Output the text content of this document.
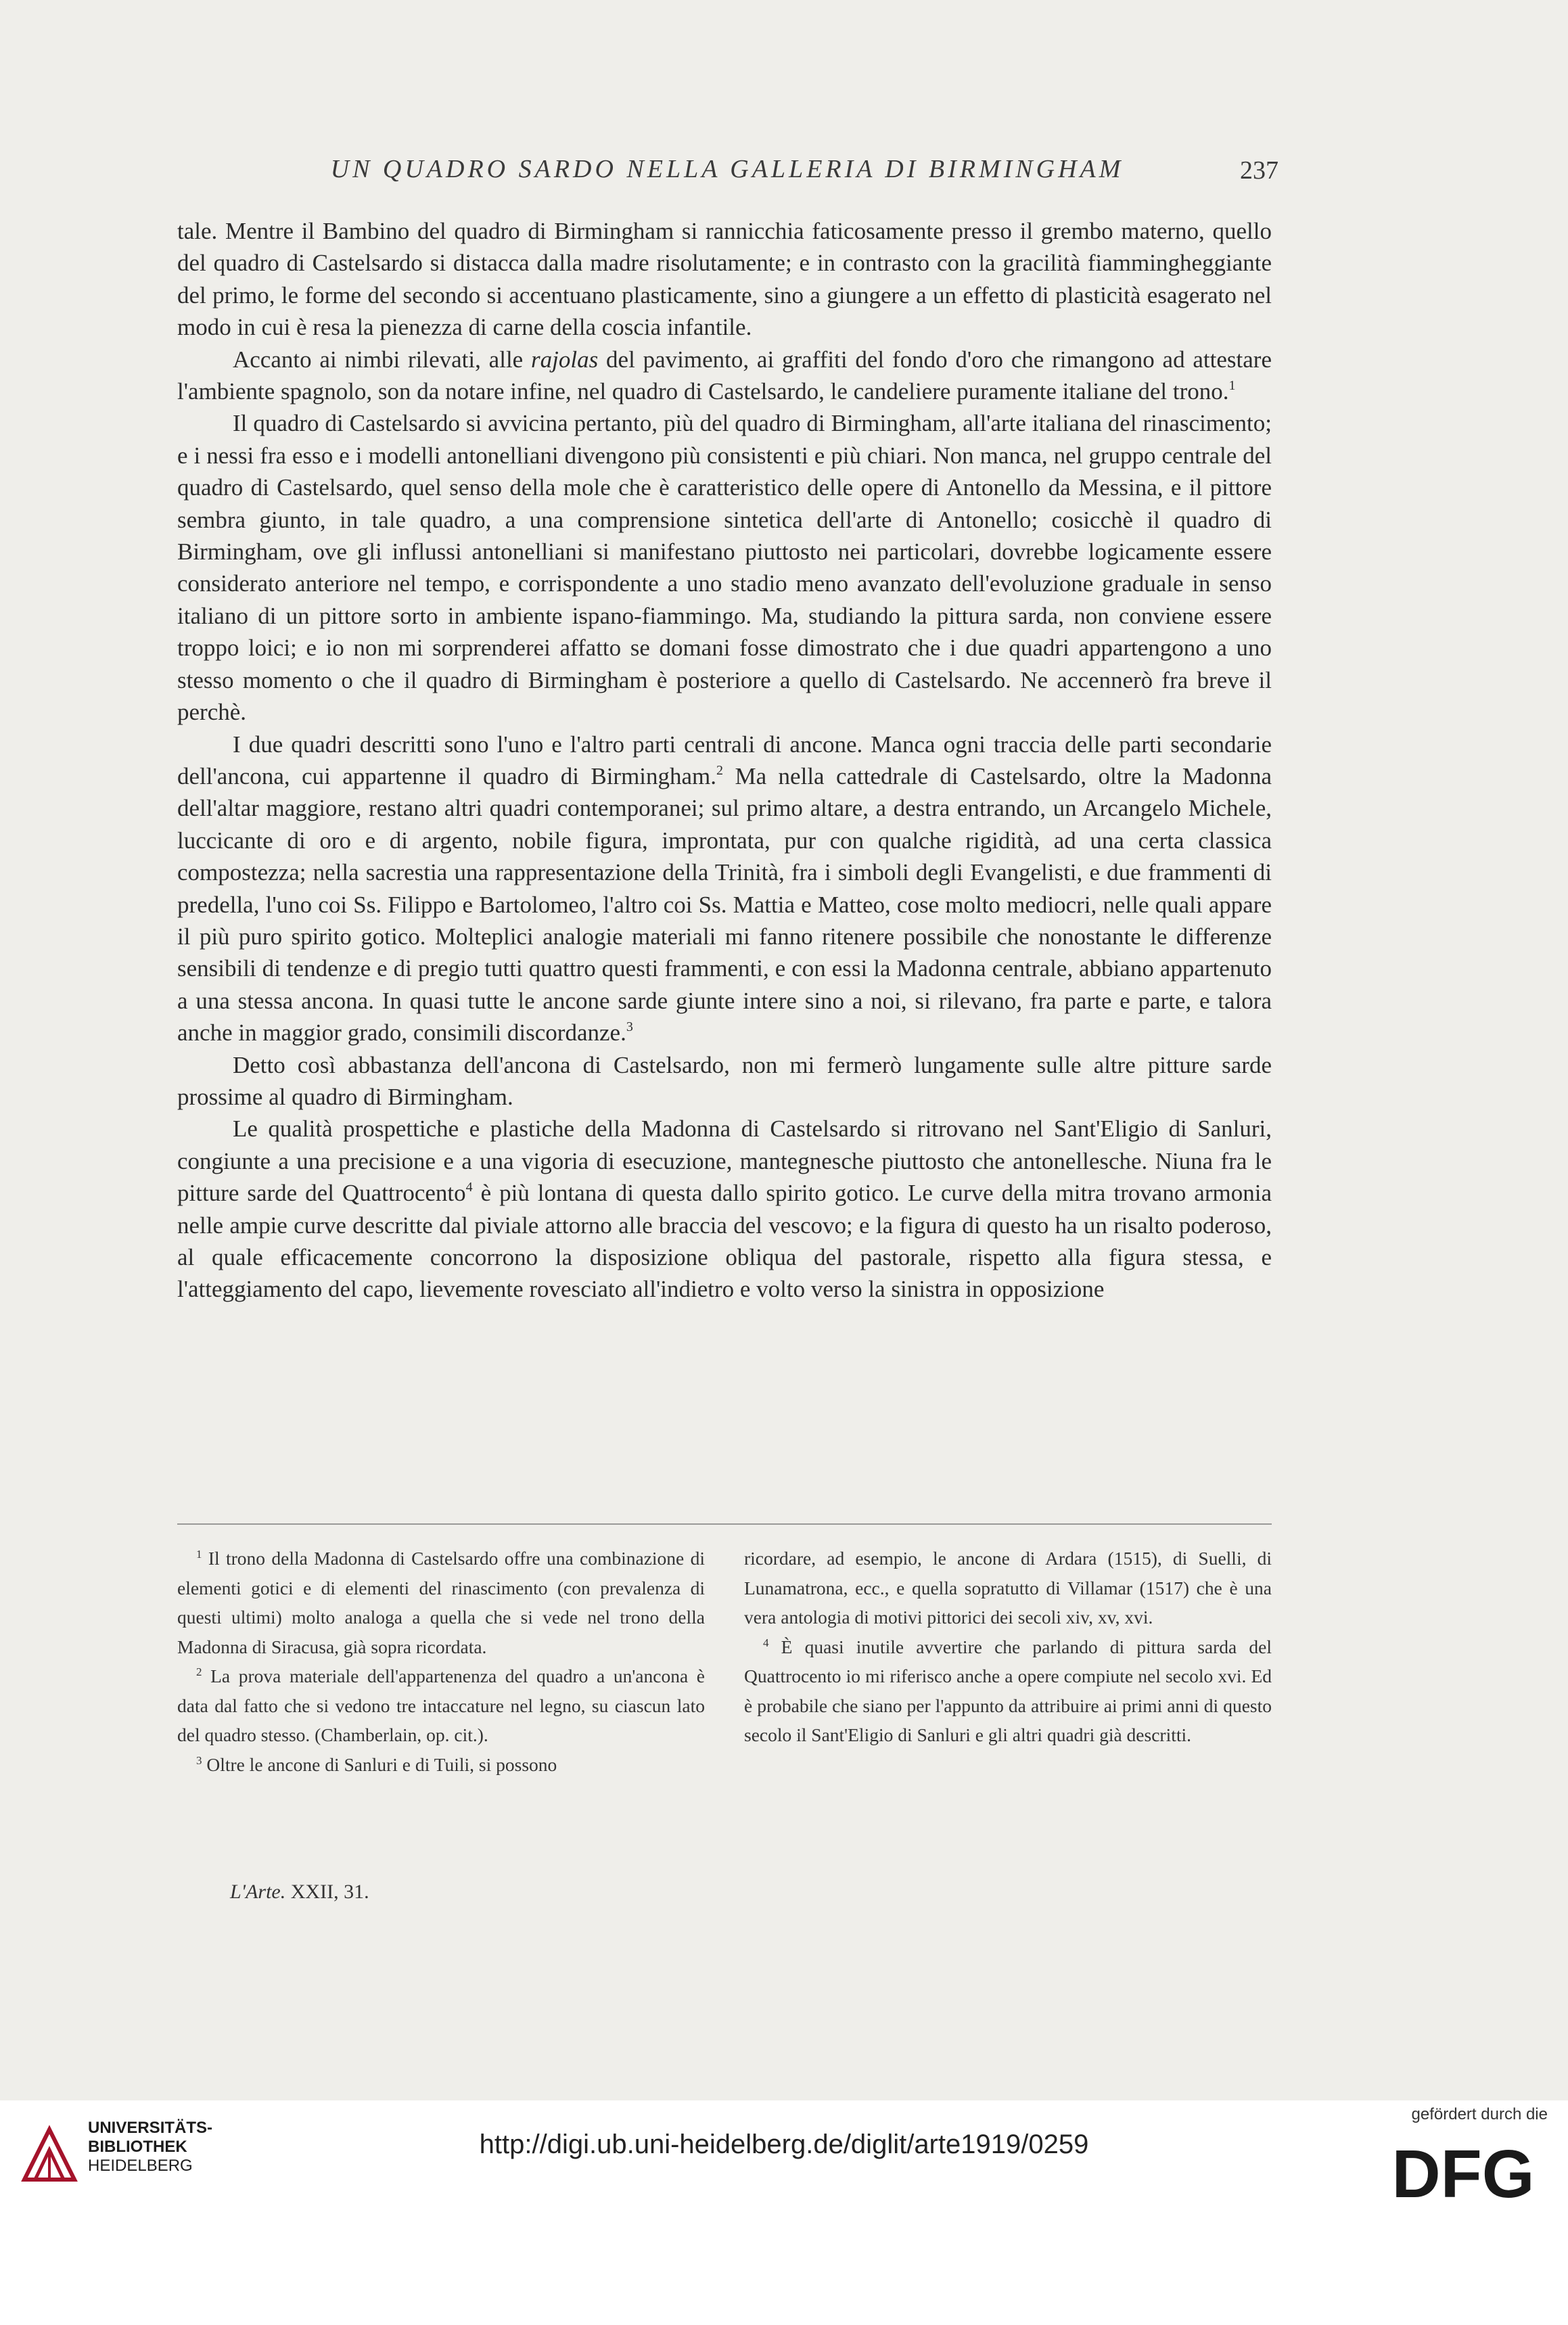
UN QUADRO SARDO NELLA GALLERIA DI BIRMINGHAM	237

tale. Mentre il Bambino del quadro di Birmingham si rannicchia faticosamente presso il grembo materno, quello del quadro di Castelsardo si distacca dalla madre risolutamente; e in contrasto con la gracilità fiammingheggiante del primo, le forme del secondo si accentuano plasticamente, sino a giungere a un effetto di plasticità esagerato nel modo in cui è resa la pienezza di carne della coscia infantile.

Accanto ai nimbi rilevati, alle rajolas del pavimento, ai graffiti del fondo d'oro che rimangono ad attestare l'ambiente spagnolo, son da notare infine, nel quadro di Castelsardo, le candeliere puramente italiane del trono.$^1$

Il quadro di Castelsardo si avvicina pertanto, più del quadro di Birmingham, all'arte italiana del rinascimento; e i nessi fra esso e i modelli antonelliani divengono più consistenti e più chiari. Non manca, nel gruppo centrale del quadro di Castelsardo, quel senso della mole che è caratteristico delle opere di Antonello da Messina, e il pittore sembra giunto, in tale quadro, a una comprensione sintetica dell'arte di Antonello; cosicchè il quadro di Birmingham, ove gli influssi antonelliani si manifestano piuttosto nei particolari, dovrebbe logicamente essere considerato anteriore nel tempo, e corrispondente a uno stadio meno avanzato dell'evoluzione graduale in senso italiano di un pittore sorto in ambiente ispano-fiammingo. Ma, studiando la pittura sarda, non conviene essere troppo loici; e io non mi sorprenderei affatto se domani fosse dimostrato che i due quadri appartengono a uno stesso momento o che il quadro di Birmingham è posteriore a quello di Castelsardo. Ne accennerò fra breve il perchè.

I due quadri descritti sono l'uno e l'altro parti centrali di ancone. Manca ogni traccia delle parti secondarie dell'ancona, cui appartenne il quadro di Birmingham.$^2$ Ma nella cattedrale di Castelsardo, oltre la Madonna dell'altar maggiore, restano altri quadri contemporanei; sul primo altare, a destra entrando, un Arcangelo Michele, luccicante di oro e di argento, nobile figura, improntata, pur con qualche rigidità, ad una certa classica compostezza; nella sacrestia una rappresentazione della Trinità, fra i simboli degli Evangelisti, e due frammenti di predella, l'uno coi Ss. Filippo e Bartolomeo, l'altro coi Ss. Mattia e Matteo, cose molto mediocri, nelle quali appare il più puro spirito gotico. Molteplici analogie materiali mi fanno ritenere possibile che nonostante le differenze sensibili di tendenze e di pregio tutti quattro questi frammenti, e con essi la Madonna centrale, abbiano appartenuto a una stessa ancona. In quasi tutte le ancone sarde giunte intere sino a noi, si rilevano, fra parte e parte, e talora anche in maggior grado, consimili discordanze.$^3$

Detto così abbastanza dell'ancona di Castelsardo, non mi fermerò lungamente sulle altre pitture sarde prossime al quadro di Birmingham.

Le qualità prospettiche e plastiche della Madonna di Castelsardo si ritrovano nel Sant'Eligio di Sanluri, congiunte a una precisione e a una vigoria di esecuzione, mantegnesche piuttosto che antonellesche. Niuna fra le pitture sarde del Quattrocento$^4$ è più lontana di questa dallo spirito gotico. Le curve della mitra trovano armonia nelle ampie curve descritte dal piviale attorno alle braccia del vescovo; e la figura di questo ha un risalto poderoso, al quale efficacemente concorrono la disposizione obliqua del pastorale, rispetto alla figura stessa, e l'atteggiamento del capo, lievemente rovesciato all'indietro e volto verso la sinistra in opposizione

$^1$ Il trono della Madonna di Castelsardo offre una combinazione di elementi gotici e di elementi del rinascimento (con prevalenza di questi ultimi) molto analoga a quella che si vede nel trono della Madonna di Siracusa, già sopra ricordata.

$^2$ La prova materiale dell'appartenenza del quadro a un'ancona è data dal fatto che si vedono tre intaccature nel legno, su ciascun lato del quadro stesso. (Chamberlain, op. cit.).

$^3$ Oltre le ancone di Sanluri e di Tuili, si possono

ricordare, ad esempio, le ancone di Ardara (1515), di Suelli, di Lunamatrona, ecc., e quella sopratutto di Villamar (1517) che è una vera antologia di motivi pittorici dei secoli xiv, xv, xvi.

$^4$ È quasi inutile avvertire che parlando di pittura sarda del Quattrocento io mi riferisco anche a opere compiute nel secolo xvi. Ed è probabile che siano per l'appunto da attribuire ai primi anni di questo secolo il Sant'Eligio di Sanluri e gli altri quadri già descritti.

L'Arte. XXII, 31.
UNIVERSITÄTS-
BIBLIOTHEK
HEIDELBERG
http://digi.ub.uni-heidelberg.de/diglit/arte1919/0259
gefördert durch die
DFG
